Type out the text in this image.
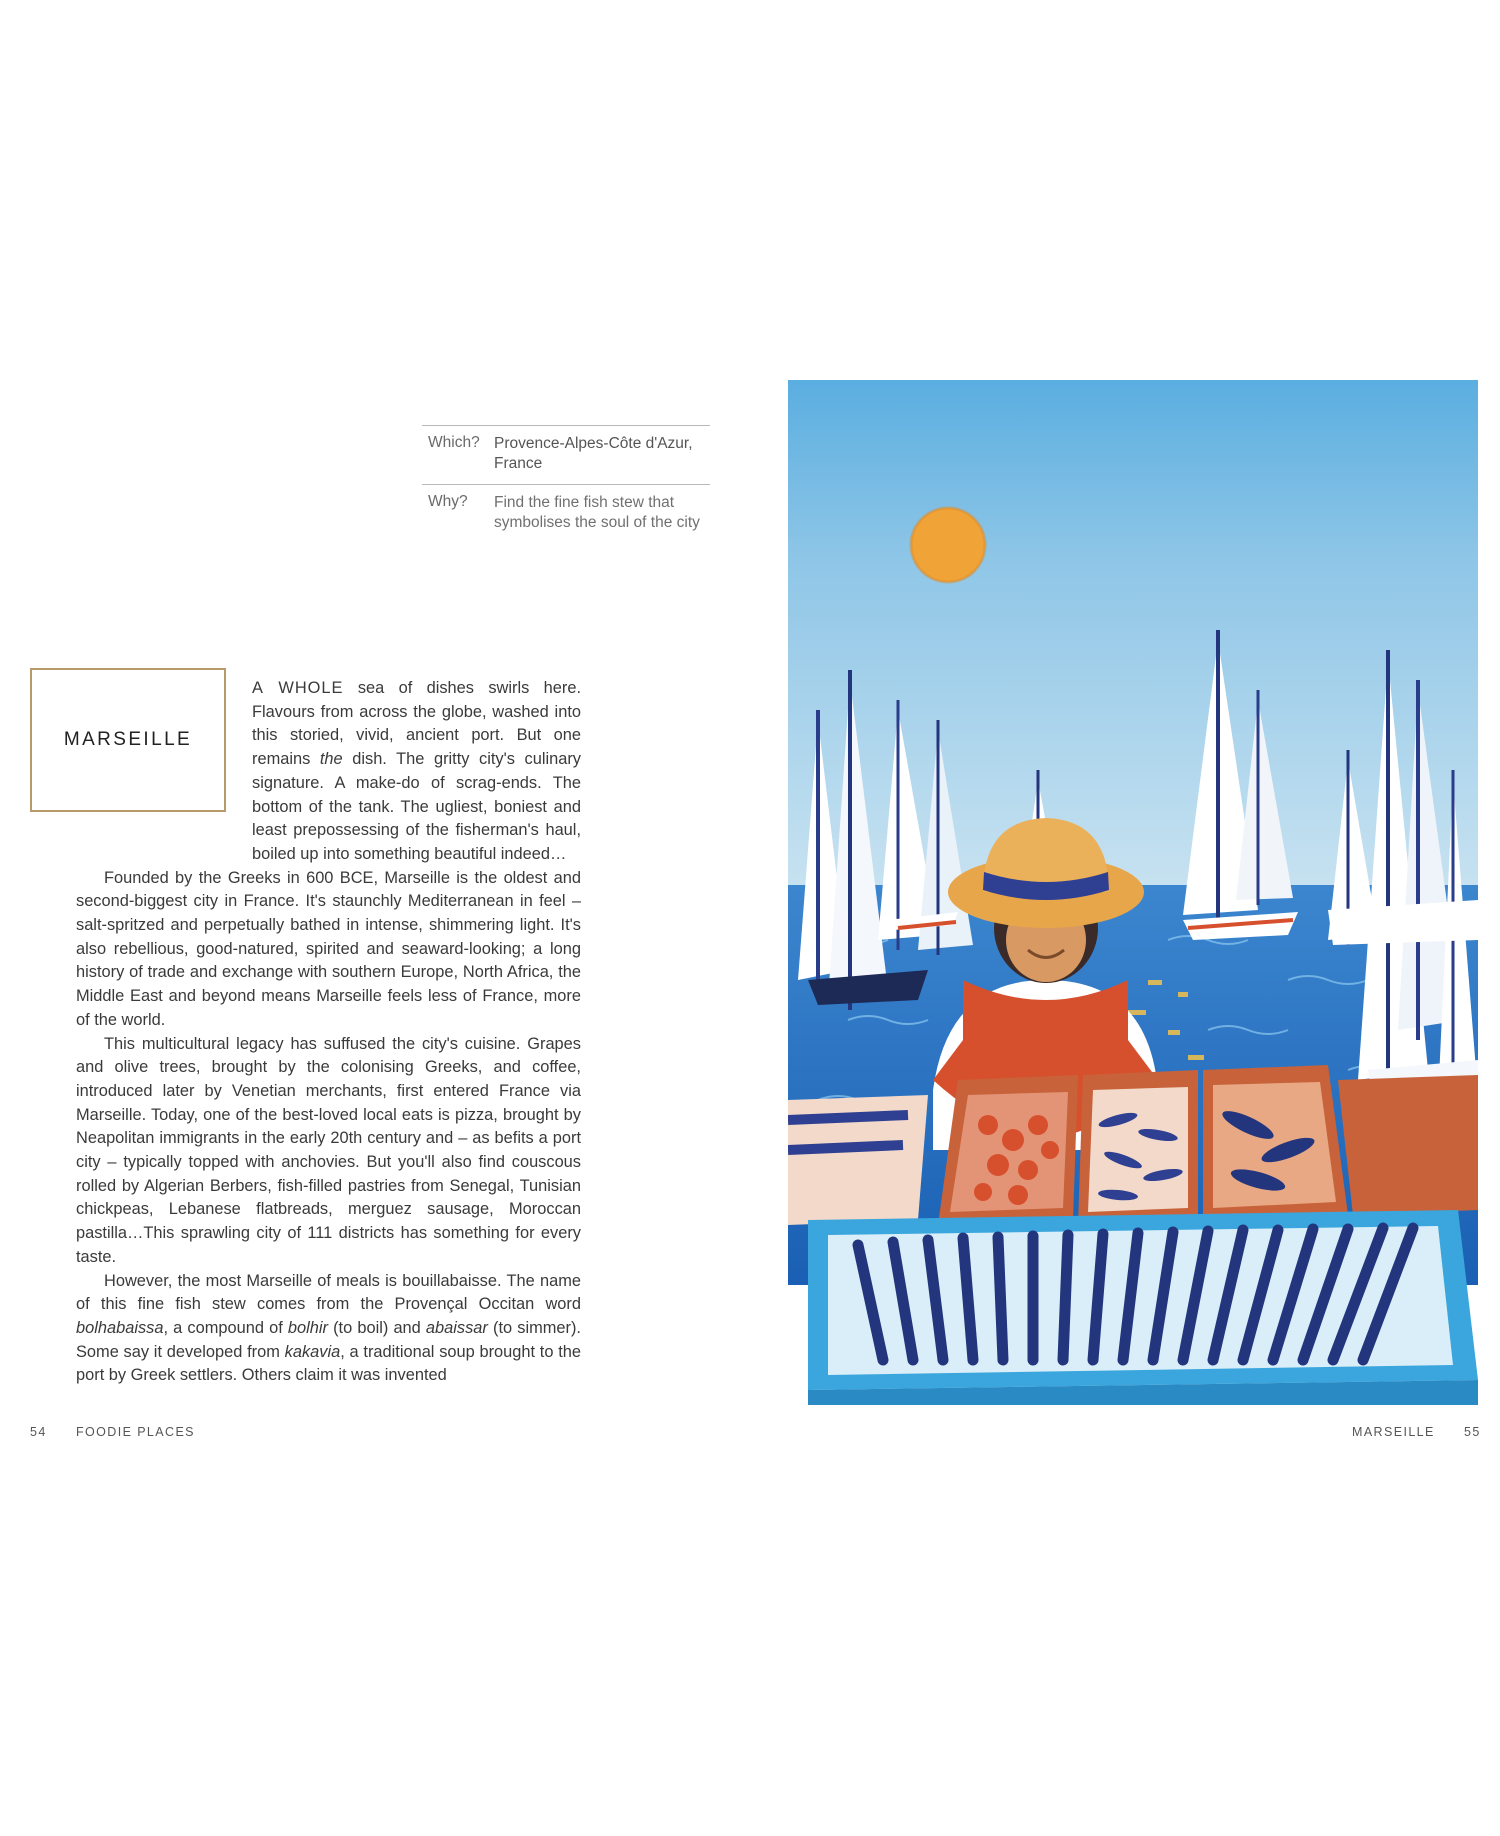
Which? Provence-Alpes-Côte d'Azur, France
Why?	Find the fine fish stew that symbolises the soul of the city
MARSEILLE

A WHOLE sea of dishes swirls here. Flavours from across the globe, washed into this storied, vivid, ancient port. But one remains the dish. The gritty city's culinary signature. A make-do of scrag-ends. The bottom of the tank. The ugliest, boniest and least prepossessing of the fisherman's haul, boiled up into something beautiful indeed…

Founded by the Greeks in 600 BCE, Marseille is the oldest and second-biggest city in France. It's staunchly Mediterranean in feel – salt-spritzed and perpetually bathed in intense, shimmering light. It's also rebellious, good-natured, spirited and seaward-looking; a long history of trade and exchange with southern Europe, North Africa, the Middle East and beyond means Marseille feels less of France, more of the world.

This multicultural legacy has suffused the city's cuisine. Grapes and olive trees, brought by the colonising Greeks, and coffee, introduced later by Venetian merchants, first entered France via Marseille. Today, one of the best-loved local eats is pizza, brought by Neapolitan immigrants in the early 20th century and – as befits a port city – typically topped with anchovies. But you'll also find couscous rolled by Algerian Berbers, fish-filled pastries from Senegal, Tunisian chickpeas, Lebanese flatbreads, merguez sausage, Moroccan pastilla…This sprawling city of 111 districts has something for every taste.

However, the most Marseille of meals is bouillabaisse. The name of this fine fish stew comes from the Provençal Occitan word bolhabaissa, a compound of bolhir (to boil) and abaissar (to simmer). Some say it developed from kakavia, a traditional soup brought to the port by Greek settlers. Others claim it was invented

54 FOODIE PLACES	MARSEILLE 55
